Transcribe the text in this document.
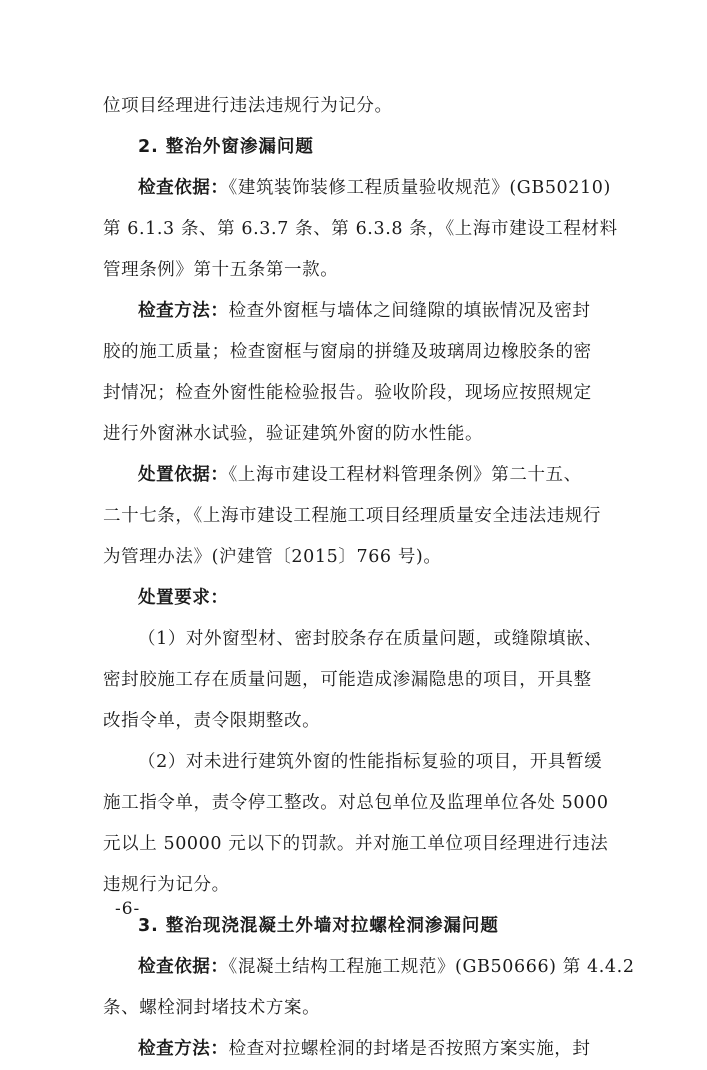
位项目经理进行违法违规行为记分。
2. 整治外窗渗漏问题
检查依据：《建筑装饰装修工程质量验收规范》(GB50210)
第 6.1.3 条、第 6.3.7 条、第 6.3.8 条，《上海市建设工程材料
管理条例》第十五条第一款。
检查方法：检查外窗框与墙体之间缝隙的填嵌情况及密封
胶的施工质量；检查窗框与窗扇的拼缝及玻璃周边橡胶条的密
封情况；检查外窗性能检验报告。验收阶段，现场应按照规定
进行外窗淋水试验，验证建筑外窗的防水性能。
处置依据：《上海市建设工程材料管理条例》第二十五、
二十七条，《上海市建设工程施工项目经理质量安全违法违规行
为管理办法》(沪建管〔2015〕766 号)。
处置要求：
（1）对外窗型材、密封胶条存在质量问题，或缝隙填嵌、
密封胶施工存在质量问题，可能造成渗漏隐患的项目，开具整
改指令单，责令限期整改。
（2）对未进行建筑外窗的性能指标复验的项目，开具暂缓
施工指令单，责令停工整改。对总包单位及监理单位各处 5000
元以上 50000 元以下的罚款。并对施工单位项目经理进行违法
违规行为记分。
3. 整治现浇混凝土外墙对拉螺栓洞渗漏问题
检查依据：《混凝土结构工程施工规范》(GB50666) 第 4.4.2
条、螺栓洞封堵技术方案。
检查方法：检查对拉螺栓洞的封堵是否按照方案实施，封
-6-
